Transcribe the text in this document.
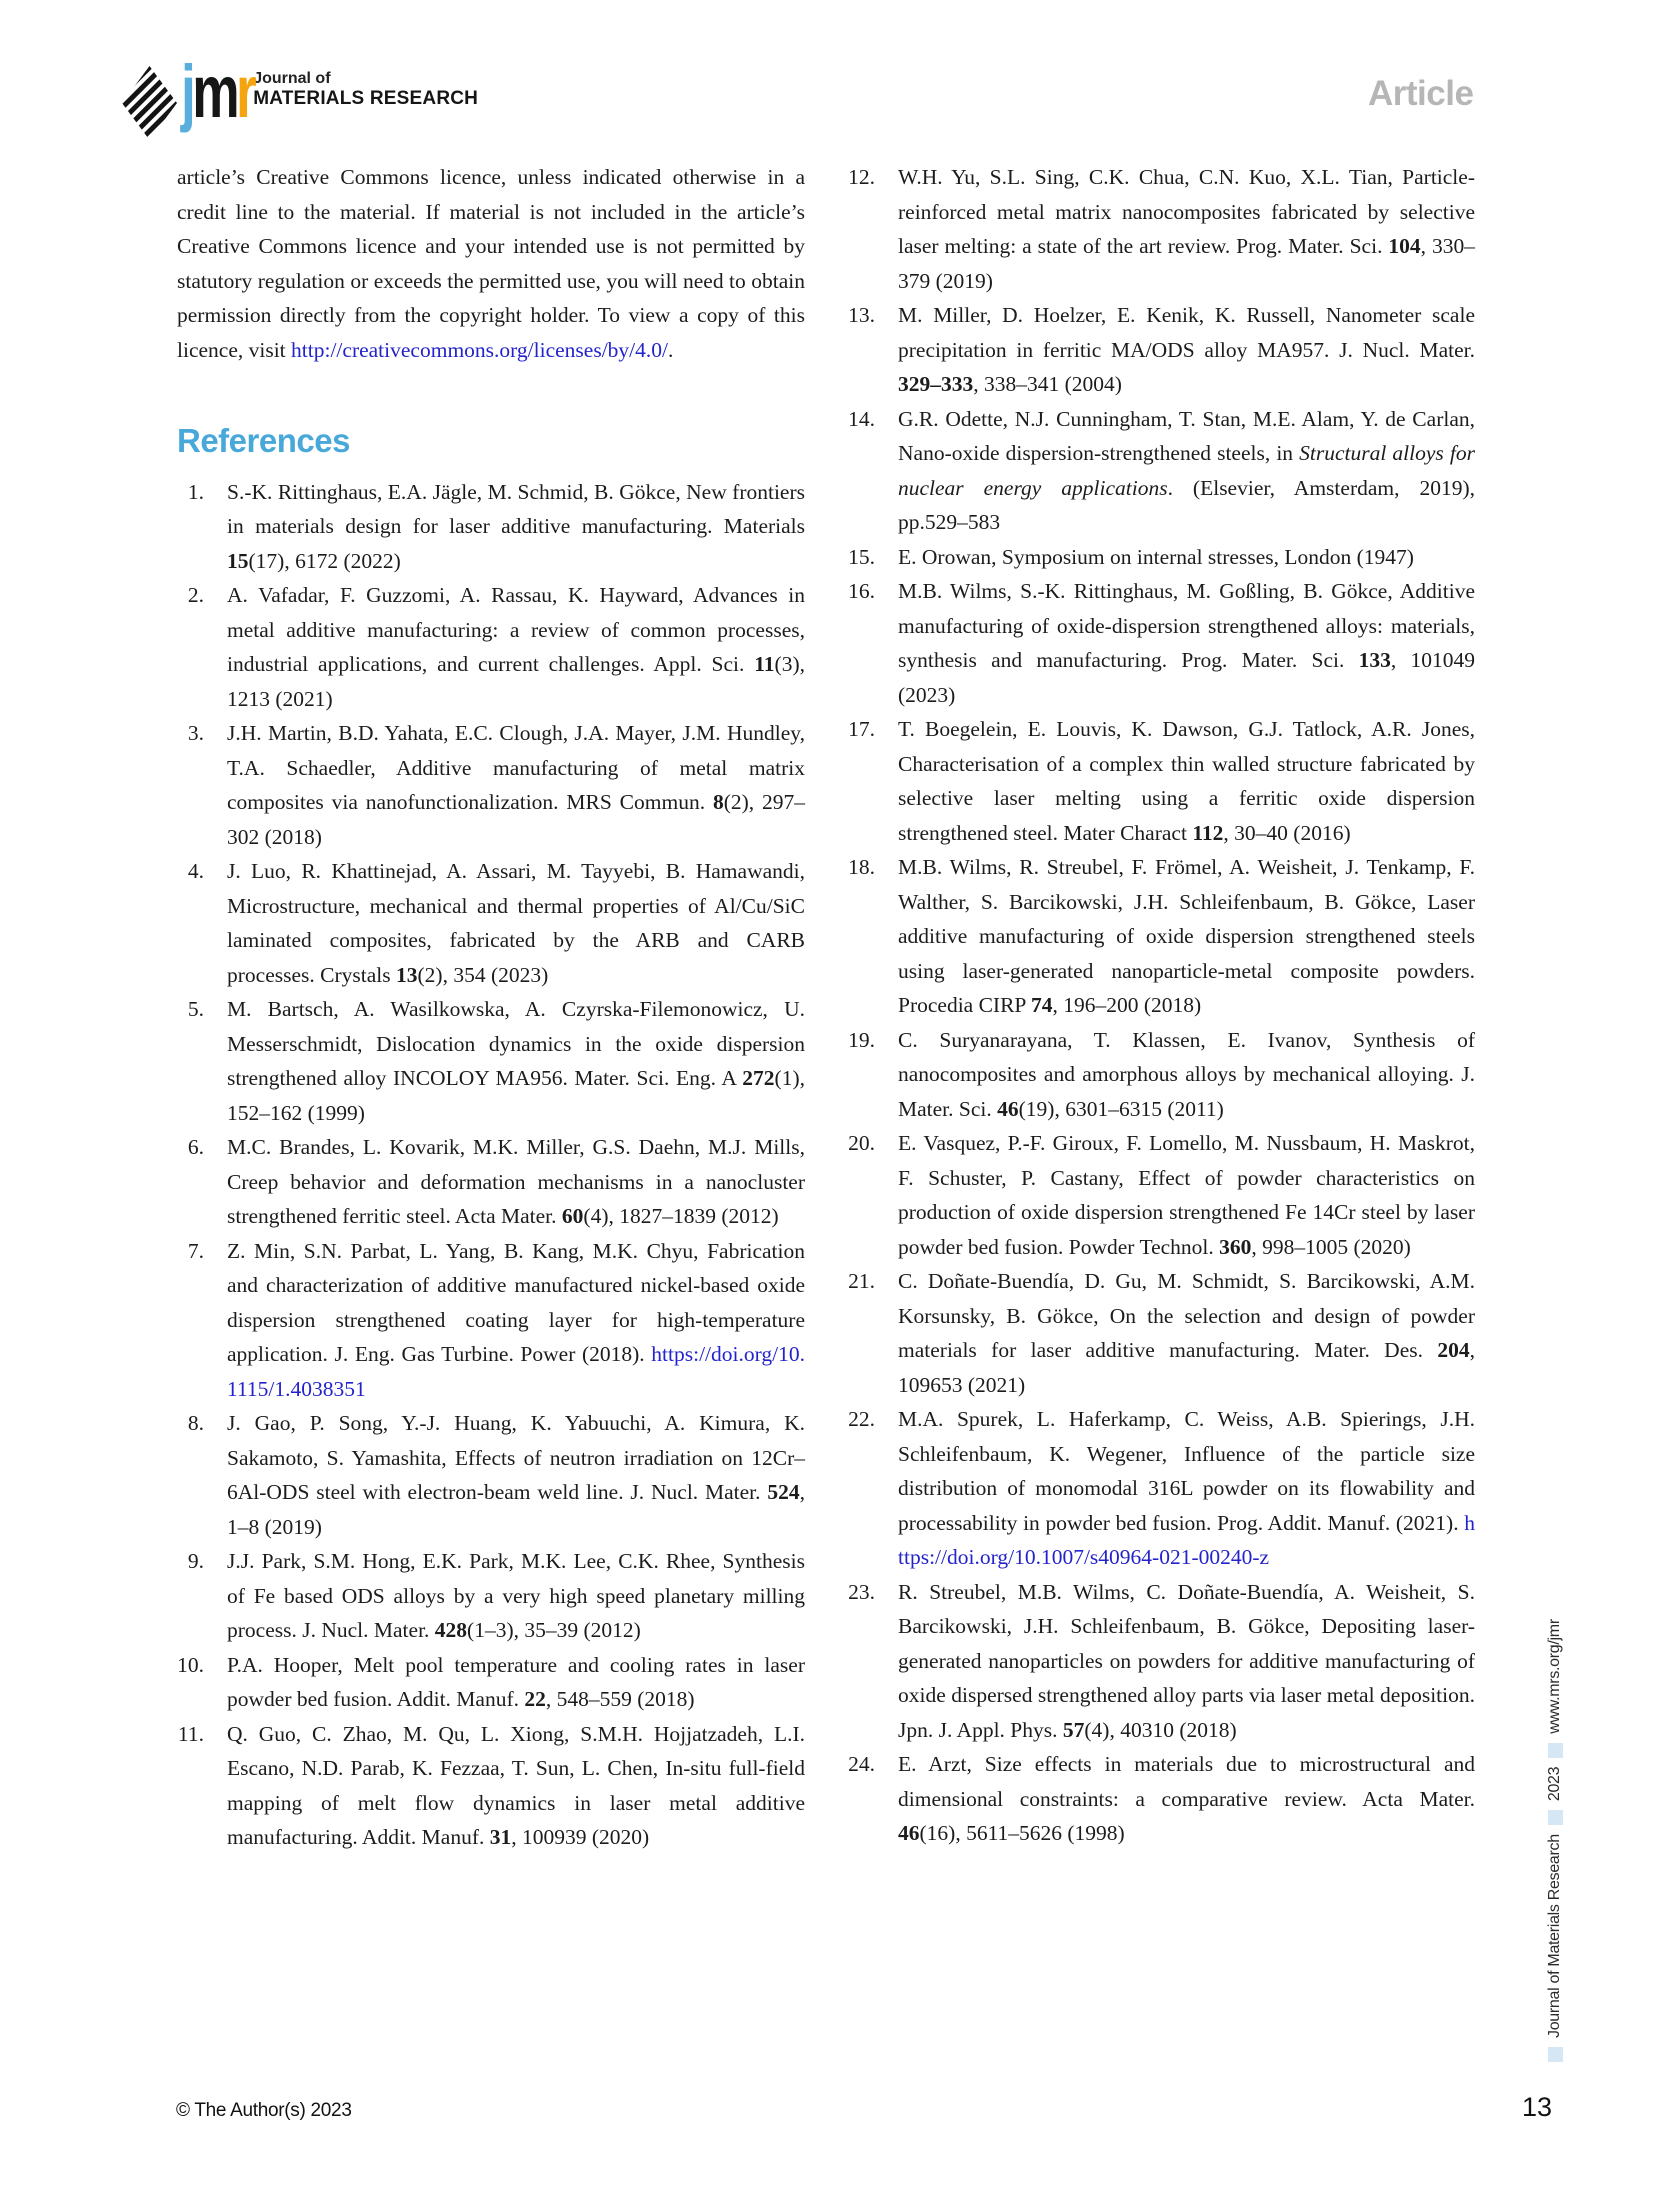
jmr Journal of
MATERIALS RESEARCH	Article

article’s Creative Commons licence, unless indicated otherwise in a credit line to the material. If material is not included in the article’s Creative Commons licence and your intended use is not permitted by statutory regulation or exceeds the permitted use, you will need to obtain permission directly from the copyright holder. To view a copy of this licence, visit http://creativecommons.org/licenses/by/4.0/.

References
1. S.-K. Rittinghaus, E.A. Jägle, M. Schmid, B. Gökce, New frontiers in materials design for laser additive manufacturing. Materials 15(17), 6172 (2022)
2. A. Vafadar, F. Guzzomi, A. Rassau, K. Hayward, Advances in metal additive manufacturing: a review of common processes, industrial applications, and current challenges. Appl. Sci. 11(3), 1213 (2021)
3. J.H. Martin, B.D. Yahata, E.C. Clough, J.A. Mayer, J.M. Hundley, T.A. Schaedler, Additive manufacturing of metal matrix composites via nanofunctionalization. MRS Commun. 8(2), 297–302 (2018)
4. J. Luo, R. Khattinejad, A. Assari, M. Tayyebi, B. Hamawandi, Microstructure, mechanical and thermal properties of Al/Cu/SiC laminated composites, fabricated by the ARB and CARB processes. Crystals 13(2), 354 (2023)
5. M. Bartsch, A. Wasilkowska, A. Czyrska-Filemonowicz, U. Messerschmidt, Dislocation dynamics in the oxide dispersion strengthened alloy INCOLOY MA956. Mater. Sci. Eng. A 272(1), 152–162 (1999)
6. M.C. Brandes, L. Kovarik, M.K. Miller, G.S. Daehn, M.J. Mills, Creep behavior and deformation mechanisms in a nanocluster strengthened ferritic steel. Acta Mater. 60(4), 1827–1839 (2012)
7. Z. Min, S.N. Parbat, L. Yang, B. Kang, M.K. Chyu, Fabrication and characterization of additive manufactured nickel-based oxide dispersion strengthened coating layer for high-temperature application. J. Eng. Gas Turbine. Power (2018). https://doi.org/10.1115/1.4038351
8. J. Gao, P. Song, Y.-J. Huang, K. Yabuuchi, A. Kimura, K. Sakamoto, S. Yamashita, Effects of neutron irradiation on 12Cr–6Al-ODS steel with electron-beam weld line. J. Nucl. Mater. 524, 1–8 (2019)
9. J.J. Park, S.M. Hong, E.K. Park, M.K. Lee, C.K. Rhee, Synthesis of Fe based ODS alloys by a very high speed planetary milling process. J. Nucl. Mater. 428(1–3), 35–39 (2012)
10. P.A. Hooper, Melt pool temperature and cooling rates in laser powder bed fusion. Addit. Manuf. 22, 548–559 (2018)
11. Q. Guo, C. Zhao, M. Qu, L. Xiong, S.M.H. Hojjatzadeh, L.I. Escano, N.D. Parab, K. Fezzaa, T. Sun, L. Chen, In-situ full-field mapping of melt flow dynamics in laser metal additive manufacturing. Addit. Manuf. 31, 100939 (2020)
12. W.H. Yu, S.L. Sing, C.K. Chua, C.N. Kuo, X.L. Tian, Particle-reinforced metal matrix nanocomposites fabricated by selective laser melting: a state of the art review. Prog. Mater. Sci. 104, 330–379 (2019)
13. M. Miller, D. Hoelzer, E. Kenik, K. Russell, Nanometer scale precipitation in ferritic MA/ODS alloy MA957. J. Nucl. Mater. 329–333, 338–341 (2004)
14. G.R. Odette, N.J. Cunningham, T. Stan, M.E. Alam, Y. de Carlan, Nano-oxide dispersion-strengthened steels, in Structural alloys for nuclear energy applications. (Elsevier, Amsterdam, 2019), pp.529–583
15. E. Orowan, Symposium on internal stresses, London (1947)
16. M.B. Wilms, S.-K. Rittinghaus, M. Goßling, B. Gökce, Additive manufacturing of oxide-dispersion strengthened alloys: materials, synthesis and manufacturing. Prog. Mater. Sci. 133, 101049 (2023)
17. T. Boegelein, E. Louvis, K. Dawson, G.J. Tatlock, A.R. Jones, Characterisation of a complex thin walled structure fabricated by selective laser melting using a ferritic oxide dispersion strengthened steel. Mater Charact 112, 30–40 (2016)
18. M.B. Wilms, R. Streubel, F. Frömel, A. Weisheit, J. Tenkamp, F. Walther, S. Barcikowski, J.H. Schleifenbaum, B. Gökce, Laser additive manufacturing of oxide dispersion strengthened steels using laser-generated nanoparticle-metal composite powders. Procedia CIRP 74, 196–200 (2018)
19. C. Suryanarayana, T. Klassen, E. Ivanov, Synthesis of nanocomposites and amorphous alloys by mechanical alloying. J. Mater. Sci. 46(19), 6301–6315 (2011)
20. E. Vasquez, P.-F. Giroux, F. Lomello, M. Nussbaum, H. Maskrot, F. Schuster, P. Castany, Effect of powder characteristics on production of oxide dispersion strengthened Fe 14Cr steel by laser powder bed fusion. Powder Technol. 360, 998–1005 (2020)
21. C. Doñate-Buendía, D. Gu, M. Schmidt, S. Barcikowski, A.M. Korsunsky, B. Gökce, On the selection and design of powder materials for laser additive manufacturing. Mater. Des. 204, 109653 (2021)
22. M.A. Spurek, L. Haferkamp, C. Weiss, A.B. Spierings, J.H. Schleifenbaum, K. Wegener, Influence of the particle size distribution of monomodal 316L powder on its flowability and processability in powder bed fusion. Prog. Addit. Manuf. (2021). https://doi.org/10.1007/s40964-021-00240-z
23. R. Streubel, M.B. Wilms, C. Doñate-Buendía, A. Weisheit, S. Barcikowski, J.H. Schleifenbaum, B. Gökce, Depositing laser-generated nanoparticles on powders for additive manufacturing of oxide dispersed strengthened alloy parts via laser metal deposition. Jpn. J. Appl. Phys. 57(4), 40310 (2018)
24. E. Arzt, Size effects in materials due to microstructural and dimensional constraints: a comparative review. Acta Mater. 46(16), 5611–5626 (1998)
Journal of Materials Research
2023
www.mrs.org/jmr
© The Author(s) 2023	13
